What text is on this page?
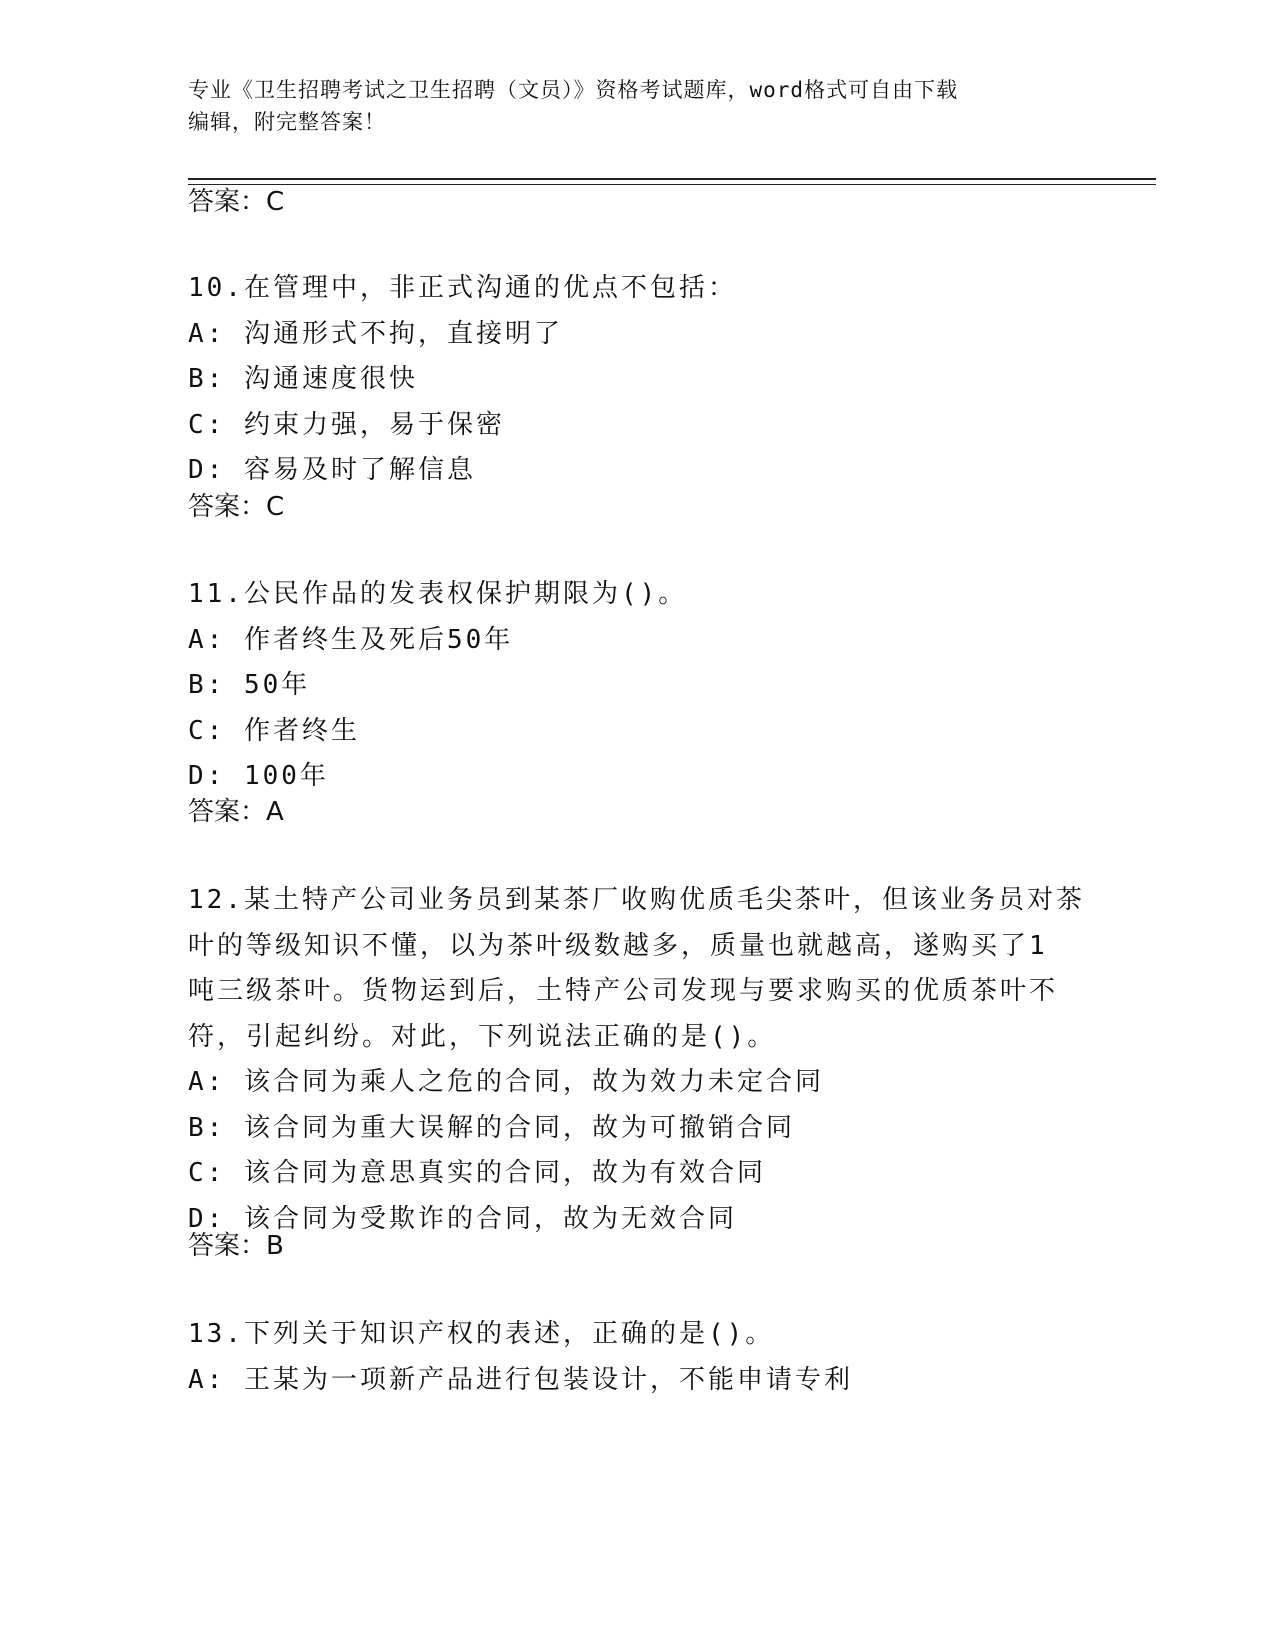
专业《卫生招聘考试之卫生招聘（文员）》资格考试题库，word格式可自由下载
编辑，附完整答案！
答案：C
10.在管理中，非正式沟通的优点不包括：
A: 沟通形式不拘，直接明了
B: 沟通速度很快
C: 约束力强，易于保密
D: 容易及时了解信息
答案：C
11.公民作品的发表权保护期限为()。
A: 作者终生及死后50年
B: 50年
C: 作者终生
D: 100年
答案：A
12.某土特产公司业务员到某茶厂收购优质毛尖茶叶，但该业务员对茶
叶的等级知识不懂，以为茶叶级数越多，质量也就越高，遂购买了1
吨三级茶叶。货物运到后，土特产公司发现与要求购买的优质茶叶不
符，引起纠纷。对此，下列说法正确的是()。
A: 该合同为乘人之危的合同，故为效力未定合同
B: 该合同为重大误解的合同，故为可撤销合同
C: 该合同为意思真实的合同，故为有效合同
D: 该合同为受欺诈的合同，故为无效合同
答案：B
13.下列关于知识产权的表述，正确的是()。
A: 王某为一项新产品进行包装设计，不能申请专利
